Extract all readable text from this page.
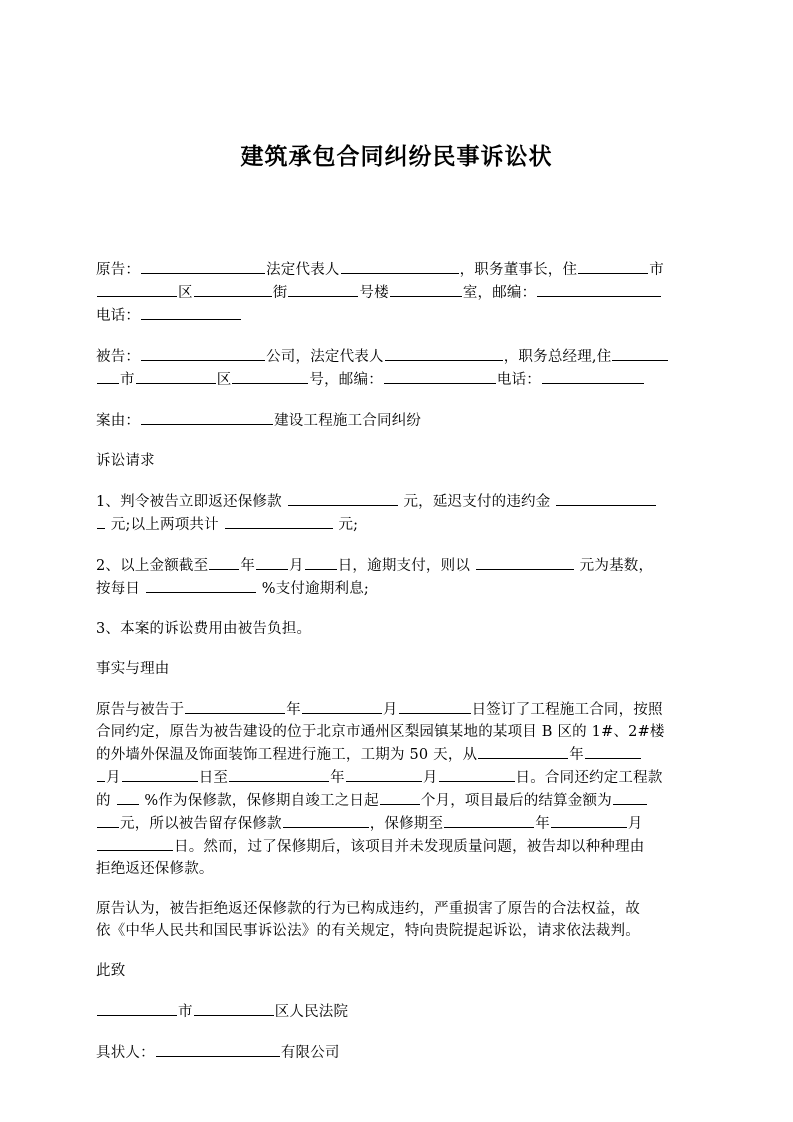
建筑承包合同纠纷民事诉讼状

原告：	法定代表人	，职务董事长，住	市
区	街	号楼	室，邮编：
电话：

被告：	公司，法定代表人	，职务总经理,住
市	区	号，邮编：	电话：

案由：	建设工程施工合同纠纷

诉讼请求

1、判令被告立即返还保修款	元，延迟支付的违约金
元;以上两项共计	元;

2、以上金额截至 年 月 日，逾期支付，则以	元为基数，
按每日	%支付逾期利息;

3、本案的诉讼费用由被告负担。

事实与理由

原告与被告于	年	月	日签订了工程施工合同，按照
合同约定，原告为被告建设的位于北京市通州区梨园镇某地的某项目 B 区的 1#、2#楼
的外墙外保温及饰面装饰工程进行施工，工期为 50 天，从	年
月	日至	年	月	日。合同还约定工程款
的 %作为保修款，保修期自竣工之日起	个月，项目最后的结算金额为
元，所以被告留存保修款	，保修期至	年	月
日。然而，过了保修期后，该项目并未发现质量问题，被告却以种种理由
拒绝返还保修款。

原告认为，被告拒绝返还保修款的行为已构成违约，严重损害了原告的合法权益，故
依《中华人民共和国民事诉讼法》的有关规定，特向贵院提起诉讼，请求依法裁判。

此致

市	区人民法院

具状人：	有限公司
